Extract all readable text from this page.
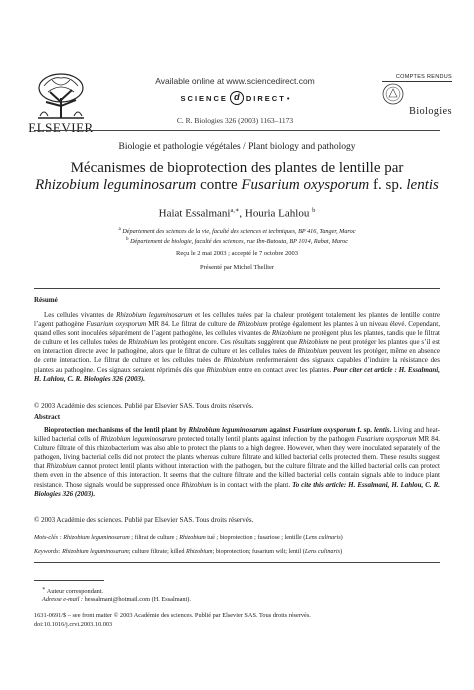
ELSEVIER
Available online at www.sciencedirect.com
SCIENCE d DIRECT •
C. R. Biologies 326 (2003) 1163–1173
COMPTES RENDUS
Biologies
Biologie et pathologie végétales / Plant biology and pathology
Mécanismes de bioprotection des plantes de lentille par
Rhizobium leguminosarum contre Fusarium oxysporum f. sp. lentis
Haiat Essalmani$^{a,∗}$, Houria Lahlou $^b$
$^a$ Département des sciences de la vie, faculté des sciences et techniques, BP 416, Tanger, Maroc
$^b$ Département de biologie, faculté des sciences, rue Ibn-Batouta, BP 1014, Rabat, Maroc
Reçu le 2 mai 2003 ; accepté le 7 octobre 2003
Présenté par Michel Thellier
Résumé
Les cellules vivantes de Rhizobium leguminosarum et les cellules tuées par la chaleur protègent totalement les plantes de lentille contre l’agent pathogène Fusarium oxysporum MR 84. Le filtrat de culture de Rhizobium protège également les plantes à un niveau élevé. Cependant, quand elles sont inoculées séparément de l’agent pathogène, les cellules vivantes de Rhizobium ne protègent plus les plantes, tandis que le filtrat de culture et les cellules tuées de Rhizobium les protègent encore. Ces résultats suggèrent que Rhizobium ne peut protéger les plantes que s’il est en interaction directe avec le pathogène, alors que le filtrat de culture et les cellules tuées de Rhizobium peuvent les protéger, même en absence de cette interaction. Le filtrat de culture et les cellules tuées de Rhizobium renfermeraient des signaux capables d’induire la résistance des plantes au pathogène. Ces signaux seraient réprimés dès que Rhizobium entre en contact avec les plantes. Pour citer cet article : H. Essalmani, H. Lahlou, C. R. Biologies 326 (2003).
© 2003 Académie des sciences. Publié par Elsevier SAS. Tous droits réservés.
Abstract
Bioprotection mechanisms of the lentil plant by Rhizobium leguminosarum against Fusarium oxysporum f. sp. lentis. Living and heat-killed bacterial cells of Rhizobium leguminosarum protected totally lentil plants against infection by the pathogen Fusarium oxysporum MR 84. Culture filtrate of this rhizobacterium was also able to protect the plants to a high degree. However, when they were inoculated separately of the pathogen, living bacterial cells did not protect the plants whereas culture filtrate and killed bacterial cells protected them. These results suggest that Rhizobium cannot protect lentil plants without interaction with the pathogen, but the culture filtrate and the killed bacterial cells can protect them even in the absence of this interaction. It seems that the culture filtrate and the killed bacterial cells contain signals able to induce plant resistance. Those signals would be suppressed once Rhizobium is in contact with the plant. To cite this article: H. Essalmani, H. Lahlou, C. R. Biologies 326 (2003).
© 2003 Académie des sciences. Publié par Elsevier SAS. Tous droits réservés.
Mots-clés : Rhizobium leguminosarum ; filtrat de culture ; Rhizobium tué ; bioprotection ; fusariose ; lentille (Lens culinaris)
Keywords: Rhizobium leguminosarum; culture filtrate; killed Rhizobium; bioprotection; fusarium wilt; lentil (Lens culinaris)
∗ Auteur correspondant.
Adresse e-mail : hessalmani@hotmail.com (H. Essalmani).
1631-0691/$ – see front matter © 2003 Académie des sciences. Publié par Elsevier SAS. Tous droits réservés.
doi:10.1016/j.crvi.2003.10.003
